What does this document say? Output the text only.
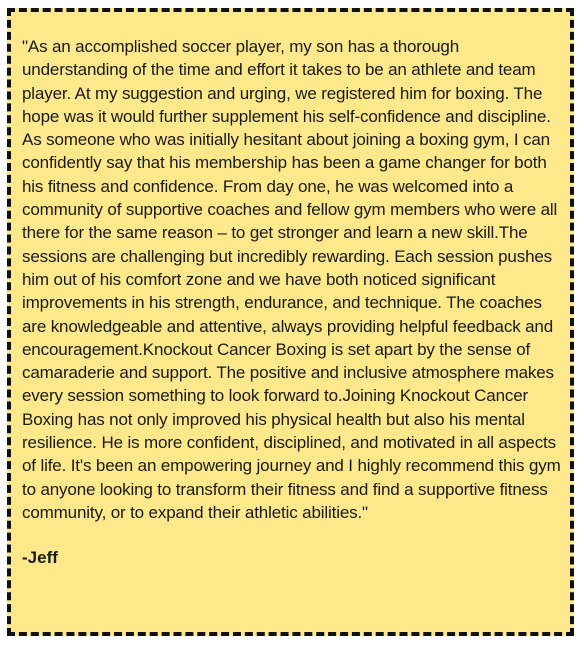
"As an accomplished soccer player, my son has a thorough understanding of the time and effort it takes to be an athlete and team player. At my suggestion and urging, we registered him for boxing. The hope was it would further supplement his self-confidence and discipline. As someone who was initially hesitant about joining a boxing gym, I can confidently say that his membership has been a game changer for both his fitness and confidence. From day one, he was welcomed into a community of supportive coaches and fellow gym members who were all there for the same reason – to get stronger and learn a new skill.The sessions are challenging but incredibly rewarding. Each session pushes him out of his comfort zone and we have both noticed significant improvements in his strength, endurance, and technique. The coaches are knowledgeable and attentive, always providing helpful feedback and encouragement.Knockout Cancer Boxing is set apart by the sense of camaraderie and support. The positive and inclusive atmosphere makes every session something to look forward to.Joining Knockout Cancer Boxing has not only improved his physical health but also his mental resilience. He is more confident, disciplined, and motivated in all aspects of life. It's been an empowering journey and I highly recommend this gym to anyone looking to transform their fitness and find a supportive fitness community, or to expand their athletic abilities."

-Jeff
